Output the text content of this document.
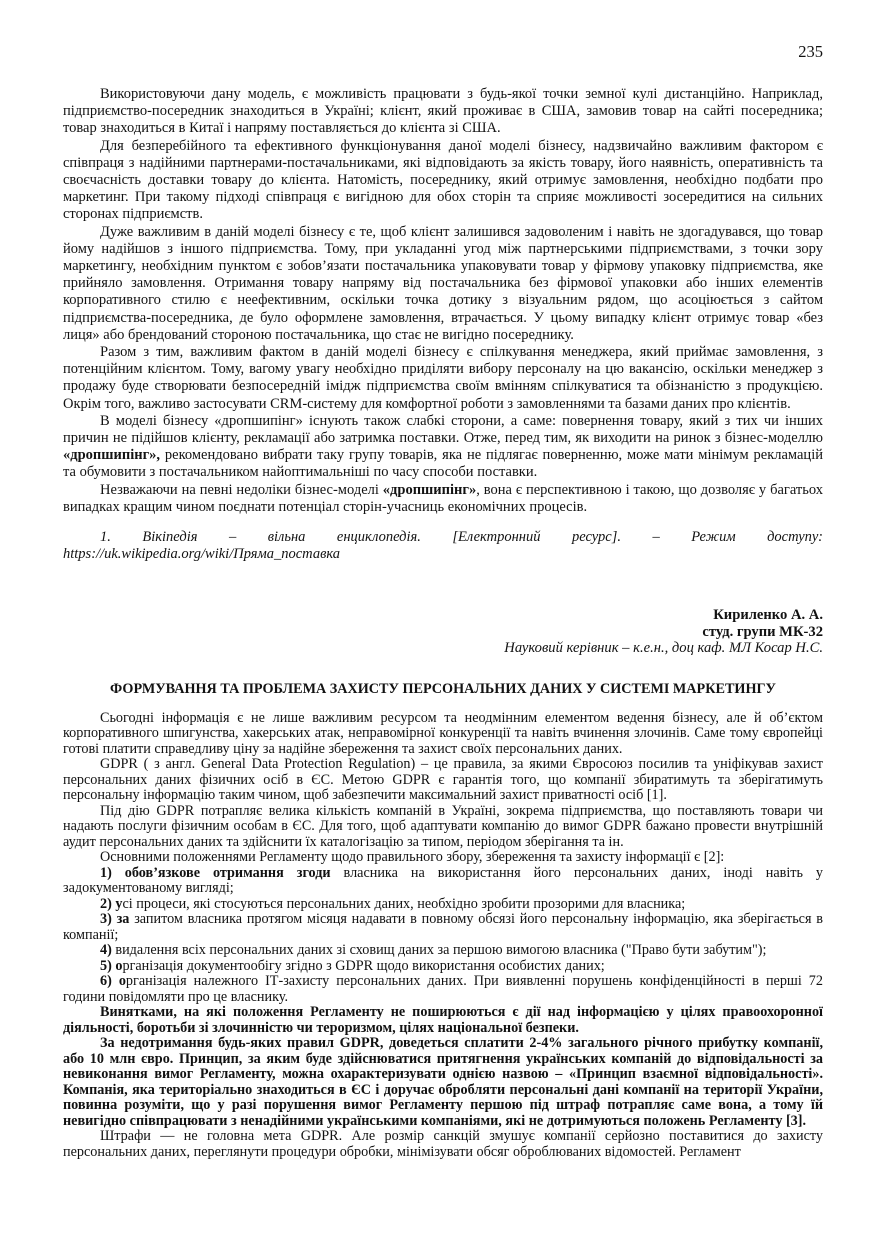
235

Використовуючи дану модель, є можливість працювати з будь-якої точки земної кулі дистанційно. Наприклад, підприємство-посередник знаходиться в Україні; клієнт, який проживає в США, замовив товар на сайті посередника; товар знаходиться в Китаї і напряму поставляється до клієнта зі США.

Для безперебійного та ефективного функціонування даної моделі бізнесу, надзвичайно важливим фактором є співпраця з надійними партнерами-постачальниками, які відповідають за якість товару, його наявність, оперативність та своєчасність доставки товару до клієнта. Натомість, посереднику, який отримує замовлення, необхідно подбати про маркетинг. При такому підході співпраця є вигідною для обох сторін та сприяє можливості зосередитися на сильних сторонах підприємств.

Дуже важливим в даній моделі бізнесу є те, щоб клієнт залишився задоволеним і навіть не здогадувався, що товар йому надійшов з іншого підприємства. Тому, при укладанні угод між партнерськими підприємствами, з точки зору маркетингу, необхідним пунктом є зобов’язати постачальника упаковувати товар у фірмову упаковку підприємства, яке прийняло замовлення. Отримання товару напряму від постачальника без фірмової упаковки або інших елементів корпоративного стилю є неефективним, оскільки точка дотику з візуальним рядом, що асоціюється з сайтом підприємства-посередника, де було оформлене замовлення, втрачається. У цьому випадку клієнт отримує товар «без лиця» або брендований стороною постачальника, що стає не вигідно посереднику.

Разом з тим, важливим фактом в даній моделі бізнесу є спілкування менеджера, який приймає замовлення, з потенційним клієнтом. Тому, вагому увагу необхідно приділяти вибору персоналу на цю вакансію, оскільки менеджер з продажу буде створювати безпосередній імідж підприємства своїм вмінням спілкуватися та обізнаністю з продукцією. Окрім того, важливо застосувати CRM-систему для комфортної роботи з замовленнями та базами даних про клієнтів.

В моделі бізнесу «дропшипінг» існують також слабкі сторони, а саме: повернення товару, який з тих чи інших причин не підійшов клієнту, рекламації або затримка поставки. Отже, перед тим, як виходити на ринок з бізнес-моделлю «дропшипінг», рекомендовано вибрати таку групу товарів, яка не підлягає поверненню, може мати мінімум рекламацій та обумовити з постачальником найоптимальніші по часу способи поставки.

Незважаючи на певні недоліки бізнес-моделі «дропшипінг», вона є перспективною і такою, що дозволяє у багатьох випадках кращим чином поєднати потенціал сторін-учасниць економічних процесів.

1. Вікіпедія – вільна енциклопедія. [Електронний ресурс]. – Режим доступу:
https://uk.wikipedia.org/wiki/Пряма_поставка
Кириленко А. А.
студ. групи МК-32
Науковий керівник – к.е.н., доц каф. МЛ Косар Н.С.

ФОРМУВАННЯ ТА ПРОБЛЕМА ЗАХИСТУ ПЕРСОНАЛЬНИХ ДАНИХ У СИСТЕМІ МАРКЕТИНГУ

Сьогодні інформація є не лише важливим ресурсом та неодмінним елементом ведення бізнесу, але й об’єктом корпоративного шпигунства, хакерських атак, неправомірної конкуренції та навіть вчинення злочинів. Саме тому європейці готові платити справедливу ціну за надійне збереження та захист своїх персональних даних.

GDPR ( з англ. General Data Protection Regulation) – це правила, за якими Євросоюз посилив та уніфікував захист персональних даних фізичних осіб в ЄС. Метою GDPR є гарантія того, що компанії збиратимуть та зберігатимуть персональну інформацію таким чином, щоб забезпечити максимальний захист приватності осіб [1].

Під дію GDPR потрапляє велика кількість компаній в Україні, зокрема підприємства, що поставляють товари чи надають послуги фізичним особам в ЄС. Для того, щоб адаптувати компанію до вимог GDPR бажано провести внутрішній аудит персональних даних та здійснити їх каталогізацію за типом, періодом зберігання та ін.

Основними положеннями Регламенту щодо правильного збору, збереження та захисту інформації є [2]:

1) обов’язкове отримання згоди власника на використання його персональних даних, іноді навіть у задокументованому вигляді;

2) усі процеси, які стосуються персональних даних, необхідно зробити прозорими для власника;

3) за запитом власника протягом місяця надавати в повному обсязі його персональну інформацію, яка зберігається в компанії;

4) видалення всіх персональних даних зі сховищ даних за першою вимогою власника ("Право бути забутим");

5) організація документообігу згідно з GDPR щодо використання особистих даних;

6) організація належного ІТ-захисту персональних даних. При виявленні порушень конфіденційності в перші 72 години повідомляти про це власнику.

Винятками, на які положення Регламенту не поширюються є дії над інформацією у цілях правоохоронної діяльності, боротьби зі злочинністю чи тероризмом, цілях національної безпеки.

За недотримання будь-яких правил GDPR, доведеться сплатити 2-4% загального річного прибутку компанії, або 10 млн євро. Принцип, за яким буде здійснюватися притягнення українських компаній до відповідальності за невиконання вимог Регламенту, можна охарактеризувати однією назвою – «Принцип взаємної відповідальності». Компанія, яка територіально знаходиться в ЄС і доручає обробляти персональні дані компанії на території України, повинна розуміти, що у разі порушення вимог Регламенту першою під штраф потрапляє саме вона, а тому їй невигідно співпрацювати з ненадійними українськими компаніями, які не дотримуються положень Регламенту [3].

Штрафи — не головна мета GDPR. Але розмір санкцій змушує компанії серйозно поставитися до захисту персональних даних, переглянути процедури обробки, мінімізувати обсяг оброблюваних відомостей. Регламент
